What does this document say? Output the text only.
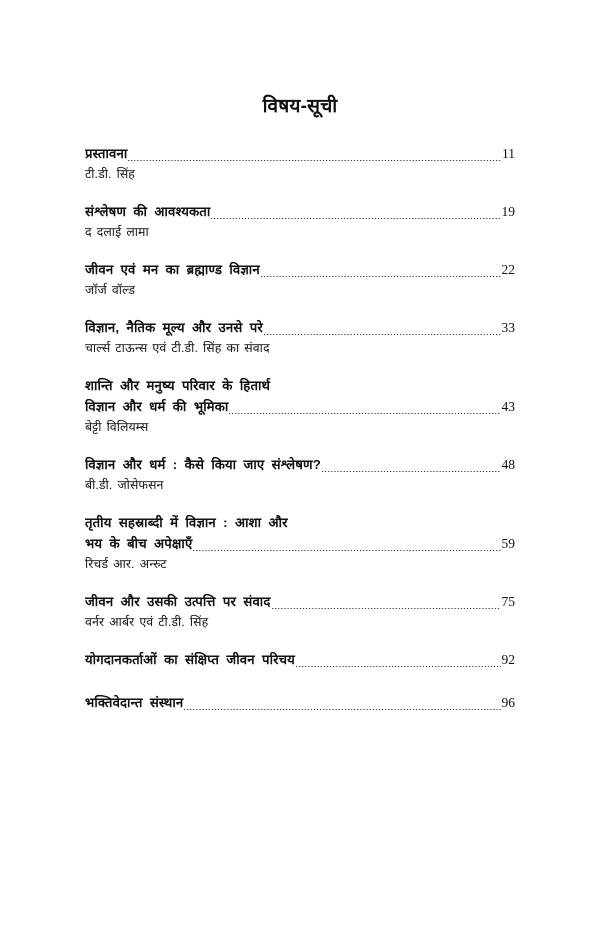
विषय-सूची
प्रस्तावना	11
टी.डी. सिंह
संश्लेषण की आवश्यकता	19
द दलाई लामा
जीवन एवं मन का ब्रह्माण्ड विज्ञान	22
जॉर्ज वॉल्ड
विज्ञान, नैतिक मूल्य और उनसे परे	33
चार्ल्स टाऊन्स एवं टी.डी. सिंह का संवाद
शान्ति और मनुष्य परिवार के हितार्थ
विज्ञान और धर्म की भूमिका	43
बेट्टी विलियम्स
विज्ञान और धर्म : कैसे किया जाए संश्लेषण?	48
बी.डी. जोसेफसन
तृतीय सहस्राब्दी में विज्ञान : आशा और
भय के बीच अपेक्षाएँ	59
रिचर्ड आर. अन्स्र्ट
जीवन और उसकी उत्पत्ति पर संवाद	75
वर्नर आर्बर एवं टी.डी. सिंह
योगदानकर्ताओं का संक्षिप्त जीवन परिचय	92
भक्तिवेदान्त संस्थान	96
